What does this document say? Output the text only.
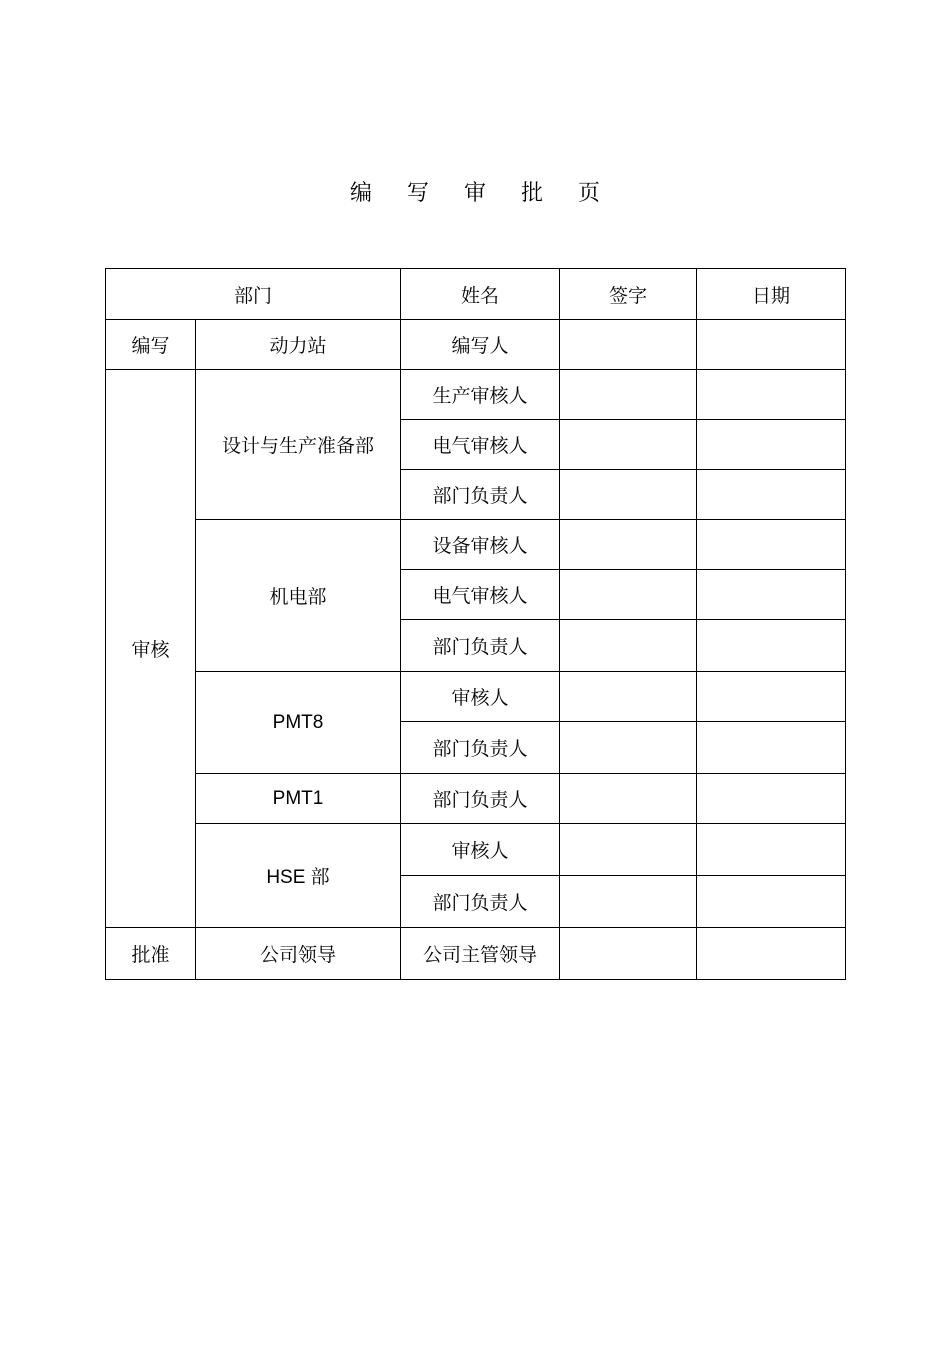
编 写 审 批 页
部门		姓名	签字	日期
编写	动力站	编写人		
审核	设计与生产准备部	生产审核人		
		电气审核人		
		部门负责人		
	机电部	设备审核人		
		电气审核人		
		部门负责人		
	PMT8	审核人		
		部门负责人		
	PMT1	部门负责人		
	HSE 部	审核人		
		部门负责人		
批准	公司领导	公司主管领导		
